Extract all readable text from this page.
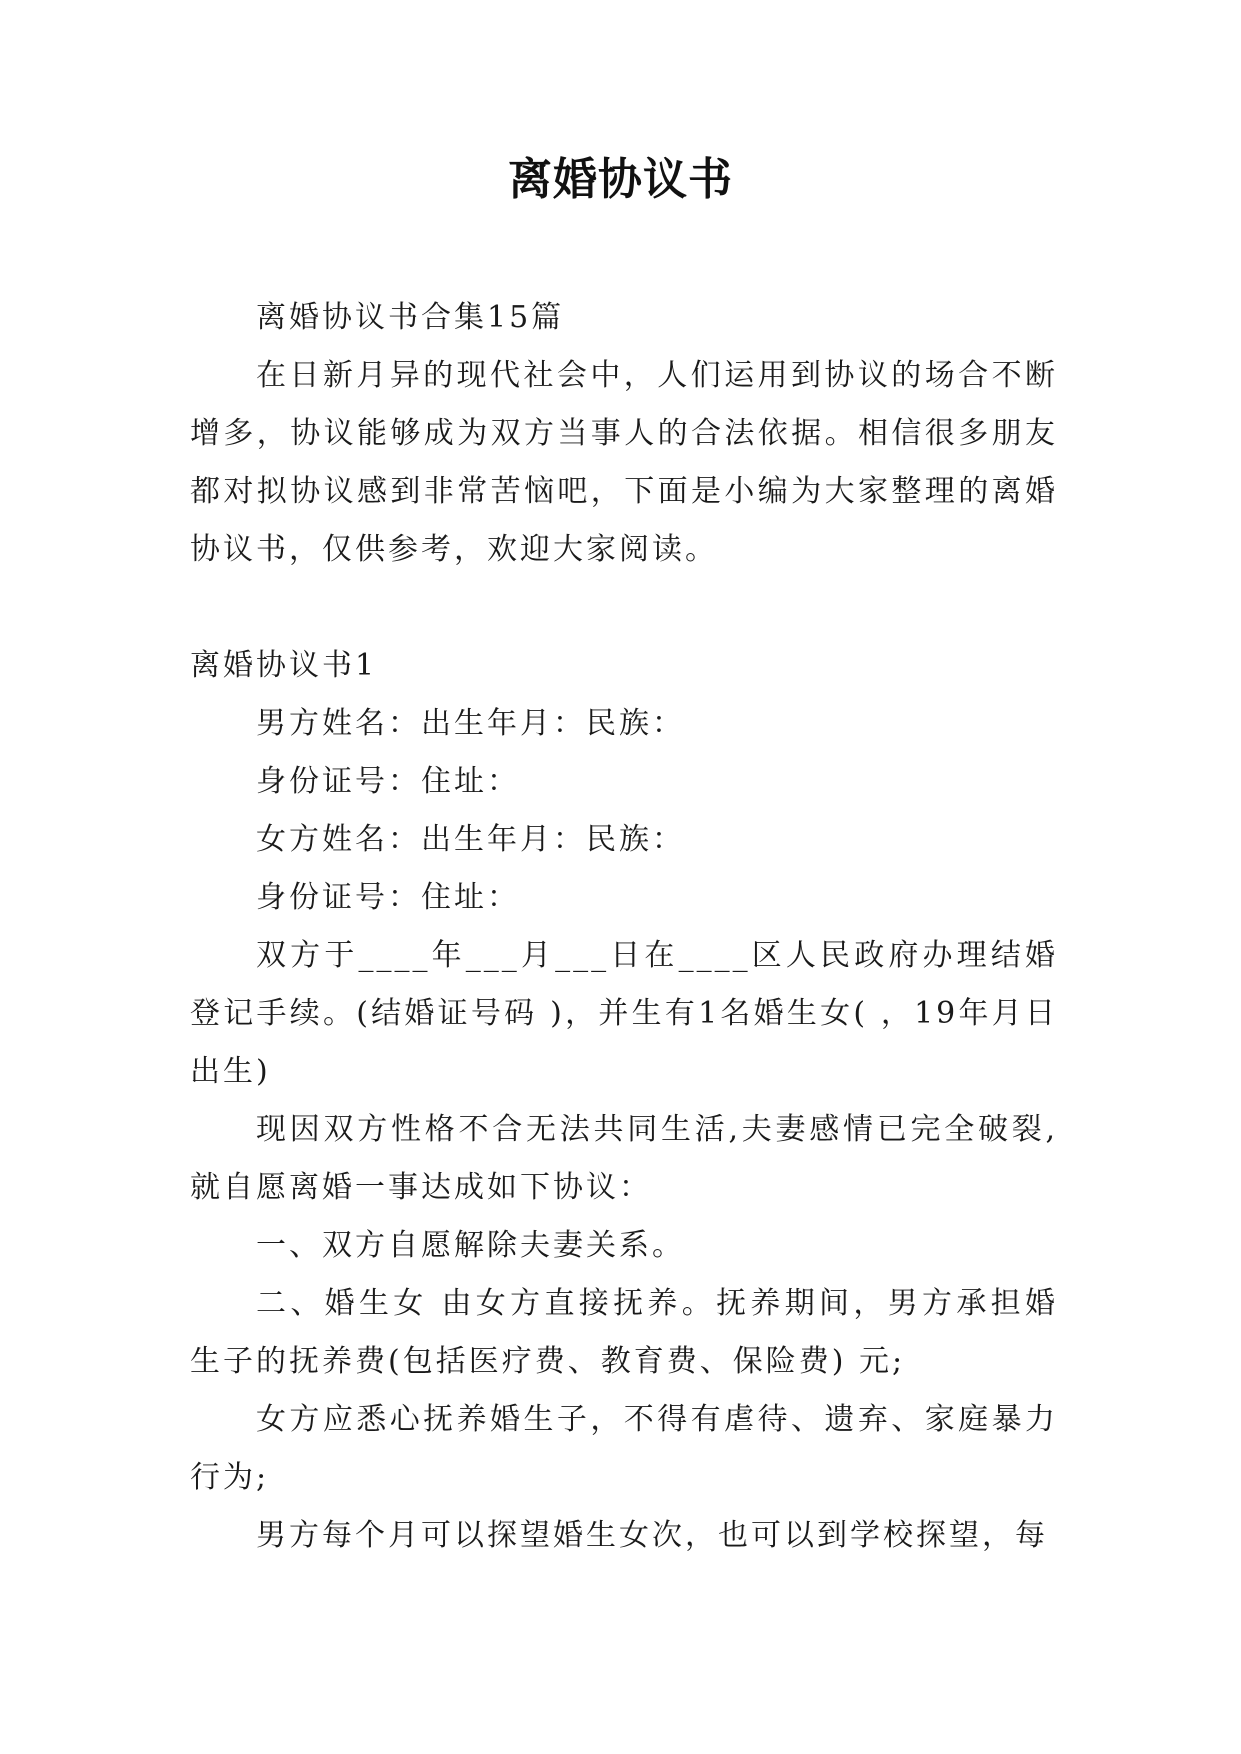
离婚协议书

离婚协议书合集15篇

在日新月异的现代社会中，人们运用到协议的场合不断增多，协议能够成为双方当事人的合法依据。相信很多朋友都对拟协议感到非常苦恼吧，下面是小编为大家整理的离婚协议书，仅供参考，欢迎大家阅读。

离婚协议书1

男方姓名：出生年月：民族：

身份证号：住址：

女方姓名：出生年月：民族：

身份证号：住址：

双方于____年___月___日在____区人民政府办理结婚登记手续。(结婚证号码 )，并生有1名婚生女( ，19年月日出生)

现因双方性格不合无法共同生活,夫妻感情已完全破裂,就自愿离婚一事达成如下协议：

一、双方自愿解除夫妻关系。

二、婚生女 由女方直接抚养。抚养期间，男方承担婚生子的抚养费(包括医疗费、教育费、保险费) 元;

女方应悉心抚养婚生子，不得有虐待、遗弃、家庭暴力行为;

男方每个月可以探望婚生女次，也可以到学校探望，每
